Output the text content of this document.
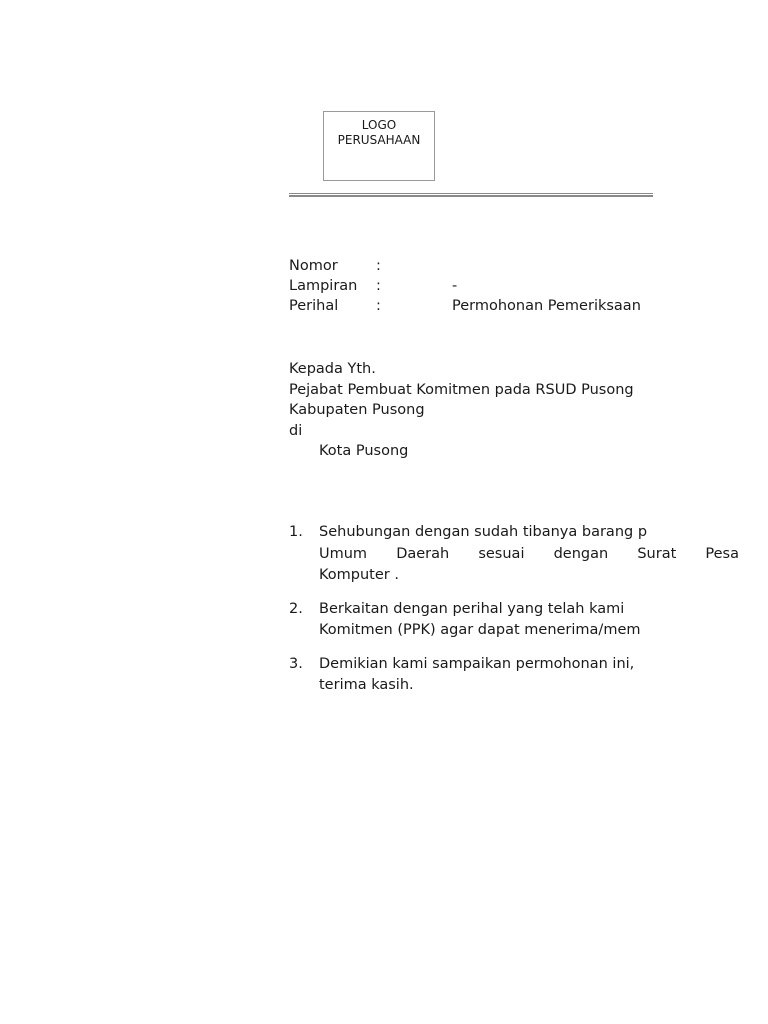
LOGO
PERUSAHAAN
Nomor	:
Lampiran :	-
Perihal	:	Permohonan Pemeriksaan
Kepada Yth.
Pejabat Pembuat Komitmen pada RSUD Pusong
Kabupaten Pusong
di
Kota Pusong
1. Sehubungan dengan sudah tibanya barang p
Umum Daerah sesuai dengan Surat Pesa
Komputer .
2. Berkaitan dengan perihal yang telah kami
Komitmen (PPK) agar dapat menerima/mem
3. Demikian kami sampaikan permohonan ini,
terima kasih.
